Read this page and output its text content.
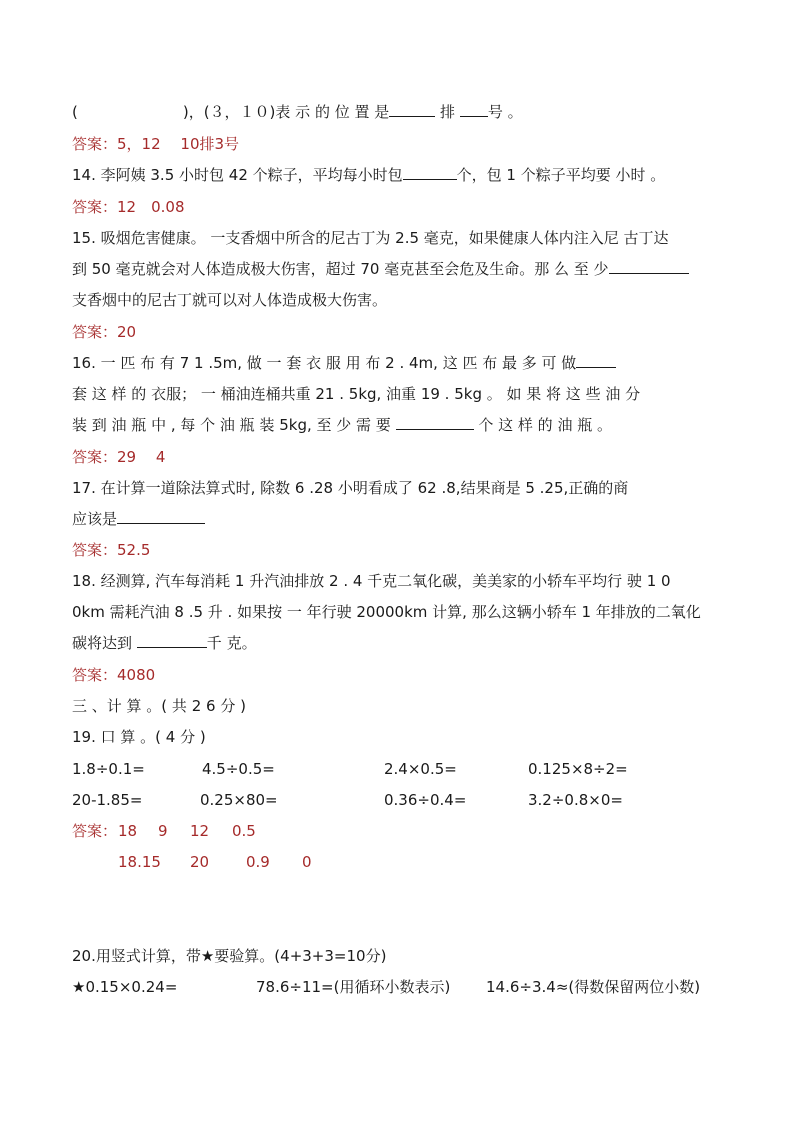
(　　　　　　　)，(３，１０)表 示 的 位 置 是	排 号 。
答案：5，12　 10排3号
14. 李阿姨 3.5 小时包 42 个粽子，平均每小时包	个，包 1 个粽子平均要 小时 。
答案：12　0.08
15. 吸烟危害健康。 一支香烟中所含的尼古丁为 2.5 毫克，如果健康人体内注入尼 古丁达
到 50 毫克就会对人体造成极大伤害，超过 70 毫克甚至会危及生命。那 么 至 少
支香烟中的尼古丁就可以对人体造成极大伤害。
答案：20
16. 一 匹 布 有 7 1 .5m, 做 一 套 衣 服 用 布 2 . 4m, 这 匹 布 最 多 可 做
套 这 样 的 衣服； 一 桶油连桶共重 21 . 5kg, 油重 19 . 5kg 。 如 果 将 这 些 油 分
装 到 油 瓶 中 , 每 个 油 瓶 装 5kg, 至 少 需 要	个 这 样 的 油 瓶 。
答案：29　 4
17. 在计算一道除法算式时, 除数 6 .28 小明看成了 62 .8,结果商是 5 .25,正确的商
应该是
答案：52.5
18. 经测算, 汽车每消耗 1 升汽油排放 2 . 4 千克二氧化碳，美美家的小轿车平均行 驶 1 0
0km 需耗汽油 8 .5 升 . 如果按 一 年行驶 20000km 计算, 那么这辆小轿车 1 年排放的二氧化
碳将达到	千 克。
答案：4080
三 、计 算 。( 共 2 6 分 )
19. 口 算 。( 4 分 )
1.8÷0.1=	4.5÷0.5=	2.4×0.5=	0.125×8÷2=
20-1.85=	0.25×80=	0.36÷0.4=	3.2÷0.8×0=
答案： 18 9 12 0.5
18.15 20 0.9 0
20.用竖式计算，带★要验算。(4+3+3=10分)
★0.15×0.24=	78.6÷11=(用循环小数表示) 14.6÷3.4≈(得数保留两位小数)
